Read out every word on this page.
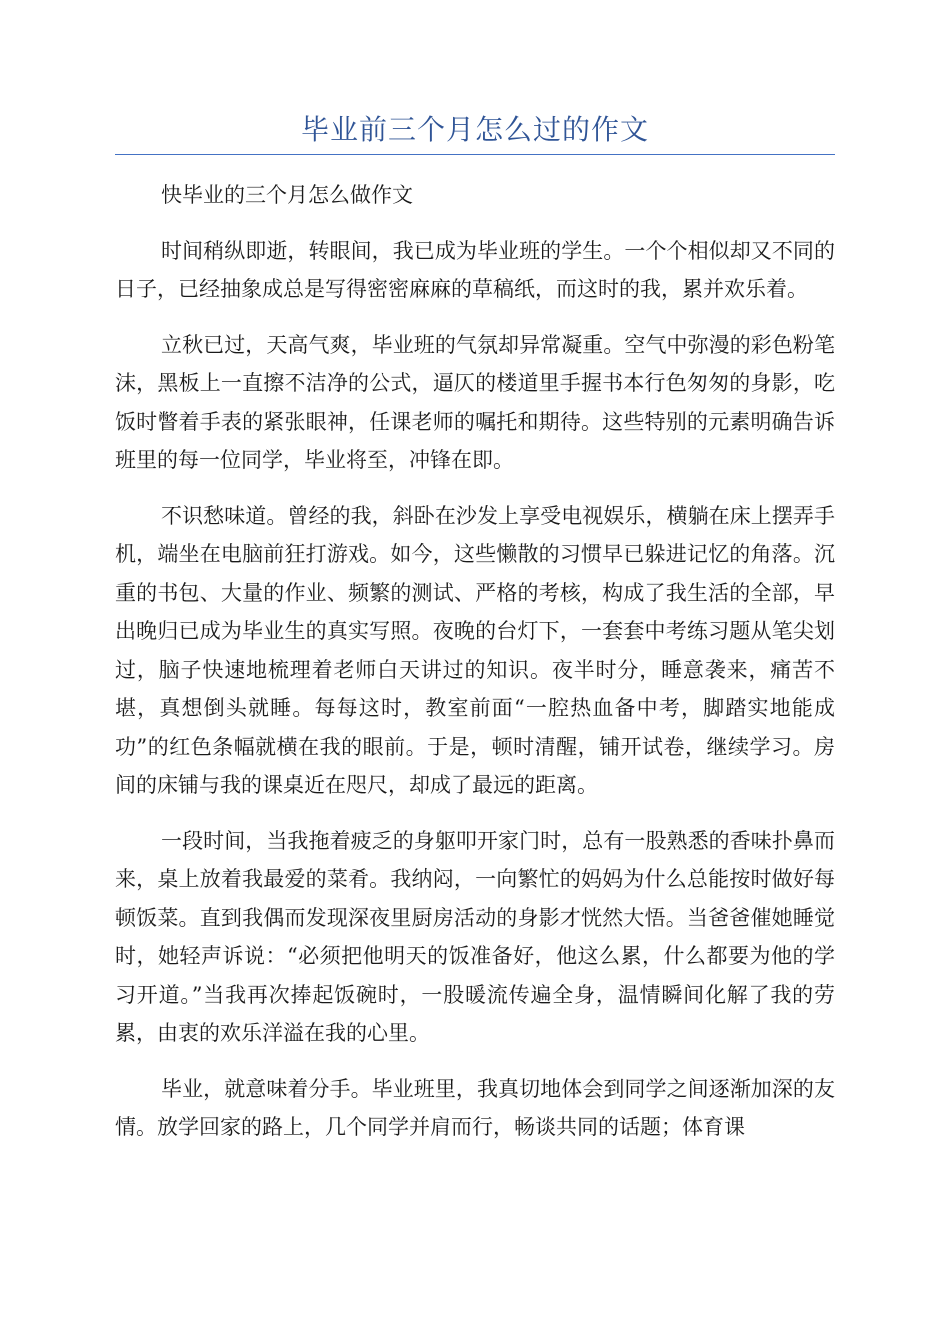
毕业前三个月怎么过的作文

快毕业的三个月怎么做作文

时间稍纵即逝，转眼间，我已成为毕业班的学生。一个个相似却又不同的日子，已经抽象成总是写得密密麻麻的草稿纸，而这时的我，累并欢乐着。

立秋已过，天高气爽，毕业班的气氛却异常凝重。空气中弥漫的彩色粉笔沫，黑板上一直擦不洁净的公式，逼仄的楼道里手握书本行色匆匆的身影，吃饭时瞥着手表的紧张眼神，任课老师的嘱托和期待。这些特别的元素明确告诉班里的每一位同学，毕业将至，冲锋在即。

不识愁味道。曾经的我，斜卧在沙发上享受电视娱乐，横躺在床上摆弄手机，端坐在电脑前狂打游戏。如今，这些懒散的习惯早已躲进记忆的角落。沉重的书包、大量的作业、频繁的测试、严格的考核，构成了我生活的全部，早出晚归已成为毕业生的真实写照。夜晚的台灯下，一套套中考练习题从笔尖划过，脑子快速地梳理着老师白天讲过的知识。夜半时分，睡意袭来，痛苦不堪，真想倒头就睡。每每这时，教室前面“一腔热血备中考，脚踏实地能成功”的红色条幅就横在我的眼前。于是，顿时清醒，铺开试卷，继续学习。房间的床铺与我的课桌近在咫尺，却成了最远的距离。

一段时间，当我拖着疲乏的身躯叩开家门时，总有一股熟悉的香味扑鼻而来，桌上放着我最爱的菜肴。我纳闷，一向繁忙的妈妈为什么总能按时做好每顿饭菜。直到我偶而发现深夜里厨房活动的身影才恍然大悟。当爸爸催她睡觉时，她轻声诉说：“必须把他明天的饭准备好，他这么累，什么都要为他的学习开道。”当我再次捧起饭碗时，一股暖流传遍全身，温情瞬间化解了我的劳累，由衷的欢乐洋溢在我的心里。

毕业，就意味着分手。毕业班里，我真切地体会到同学之间逐渐加深的友情。放学回家的路上，几个同学并肩而行，畅谈共同的话题；体育课
